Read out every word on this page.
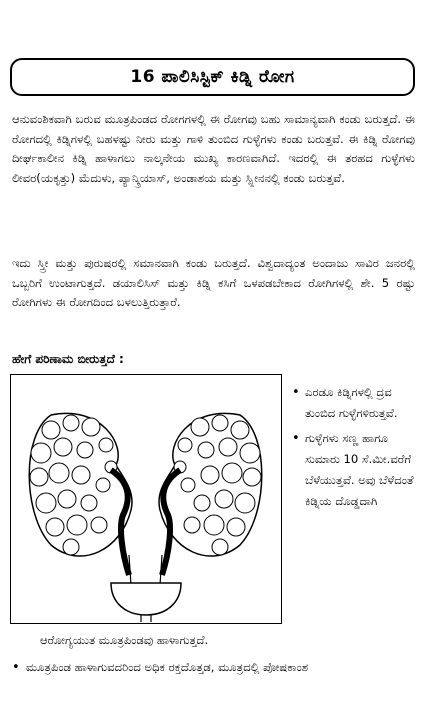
16 ಪಾಲಿಸಿಸ್ಟಿಕ್ ಕಿಡ್ನಿ ರೋಗ

ಆನುವಂಶಿಕವಾಗಿ ಬರುವ ಮೂತ್ರಪಿಂಡದ ರೋಗಗಳಲ್ಲಿ ಈ ರೋಗವು ಬಹು ಸಾಮಾನ್ಯವಾಗಿ ಕಂಡು ಬರುತ್ತದೆ. ಈ ರೋಗದಲ್ಲಿ ಕಿಡ್ನಿಗಳಲ್ಲಿ ಬಹಳಷ್ಟು ನೀರು ಮತ್ತು ಗಾಳಿ ತುಂಬಿದ ಗುಳ್ಳೆಗಳು ಕಂಡು ಬರುತ್ತವೆ. ಈ ಕಿಡ್ನಿ ರೋಗವು ದೀರ್ಘಕಾಲೀನ ಕಿಡ್ನಿ ಹಾಳಾಗಲು ನಾಲ್ಕನೇಯ ಮುಖ್ಯ ಕಾರಣವಾಗಿದೆ. ಇದರಲ್ಲಿ ಈ ತರಹದ ಗುಳ್ಳೆಗಳು ಲೀವರ(ಯಕೃತ್ತು) ಮೆದುಳು, ಪ್ಯಾನ್ಕ್ರಿಯಾಸ್, ಅಂಡಾಶಯ ಮತ್ತು ಸ್ಪ್ಲೀನನಲ್ಲಿ ಕಂಡು ಬರುತ್ತವೆ.

ಇದು ಸ್ತ್ರೀ ಮತ್ತು ಪುರುಷರಲ್ಲಿ ಸಮಾನವಾಗಿ ಕಂಡು ಬರುತ್ತದೆ. ವಿಶ್ವದಾದ್ಯಂತ ಅಂದಾಜು ಸಾವಿರ ಜನರಲ್ಲಿ ಒಬ್ಬರಿಗೆ ಉಂಟಾಗುತ್ತದೆ. ಡಯಾಲಿಸಿಸ್ ಮತ್ತು ಕಿಡ್ನಿ ಕಸಿಗೆ ಒಳಪಡಬೇಕಾದ ರೋಗಿಗಳಲ್ಲಿ ಶೇ. 5 ರಷ್ಟು ರೋಗಿಗಳು ಈ ರೋಗದಿಂದ ಬಳಲುತ್ತಿರುತ್ತಾರೆ.

ಹೇಗೆ ಪರಿಣಾಮ ಬೀರುತ್ತದೆ :

• ಎರಡೂ ಕಿಡ್ನಿಗಳಲ್ಲಿ ದ್ರವ ತುಂಬಿದ ಗುಳ್ಳೆಗಳಿರುತ್ತವೆ.
• ಗುಳ್ಳೆಗಳು ಸಣ್ಣ ಹಾಗೂ ಸುಮಾರು 10 ಸೆ.ಮೀ.ವರೆಗೆ ಬೆಳೆಯುತ್ತವೆ. ಅವು ಬೆಳೆದಂತೆ ಕಿಡ್ನಿಯ ದೊಡ್ಡದಾಗಿ

ಆರೋಗ್ಯಯುತ ಮೂತ್ರಪಿಂಡವು ಹಾಳಾಗುತ್ತದೆ.

• ಮೂತ್ರಪಿಂಡ ಹಾಳಾಗುವದರಿಂದ ಅಧಿಕ ರಕ್ತದೊತ್ತಡ, ಮೂತ್ರದಲ್ಲಿ ಪೋಷಕಾಂಶ
